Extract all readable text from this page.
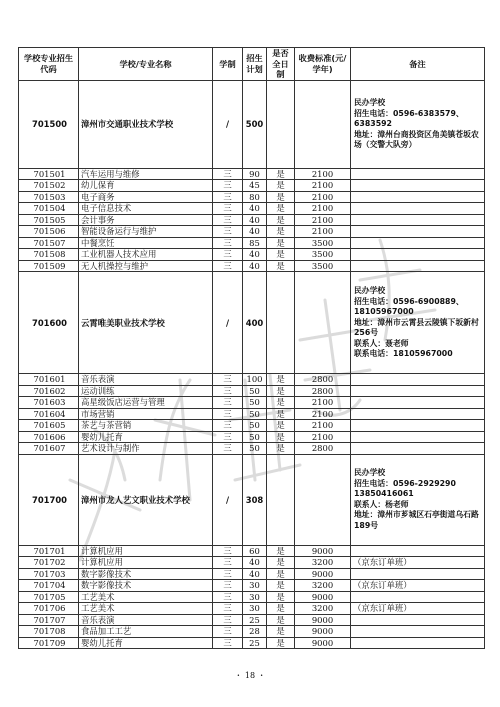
学校专业招生代码	学校/专业名称	学制	招生计划	是否全日制	收费标准(元/学年)	备注
701500	漳州市交通职业技术学校	/	500			民办学校
招生电话：0596-6383579、6383592
地址：漳州台商投资区角美镇苍坂农场（交警大队旁）

701501	汽车运用与维修	三	90	是	2100	
701502	幼儿保育	三	45	是	2100	
701503	电子商务	三	80	是	2100	
701504	电子信息技术	三	40	是	2100	
701505	会计事务	三	40	是	2100	
701506	智能设备运行与维护	三	40	是	2100	
701507	中餐烹饪	三	85	是	3500	
701508	工业机器人技术应用	三	40	是	3500	
701509	无人机操控与维护	三	40	是	3500	
701600	云霄唯美职业技术学校	/	400			民办学校
招生电话：0596-6900889、18105967000
地址：漳州市云霄县云陵镇下坂新村256号
联系人：聂老师
联系电话：18105967000

701601	音乐表演	三	100	是	2800	
701602	运动训练	三	50	是	2800	
701603	高星级饭店运营与管理	三	50	是	2100	
701604	市场营销	三	50	是	2100	
701605	茶艺与茶营销	三	50	是	2100	
701606	婴幼儿托育	三	50	是	2100	
701607	艺术设计与制作	三	50	是	2800	
701700	漳州市龙人艺文职业技术学校	/	308			民办学校
招生电话：0596-2929290
13850416061
联系人：杨老师
地址：漳州市芗城区石亭街道乌石路189号

701701	计算机应用	三	60	是	9000	
701702	计算机应用	三	40	是	3200	（京东订单班）
701703	数字影像技术	三	40	是	9000	
701704	数字影像技术	三	30	是	3200	（京东订单班）
701705	工艺美术	三	30	是	9000	
701706	工艺美术	三	30	是	3200	（京东订单班）
701707	音乐表演	三	25	是	9000	
701708	食品加工工艺	三	28	是	9000	
701709	婴幼儿托育	三	25	是	9000	
・ 18 ・
